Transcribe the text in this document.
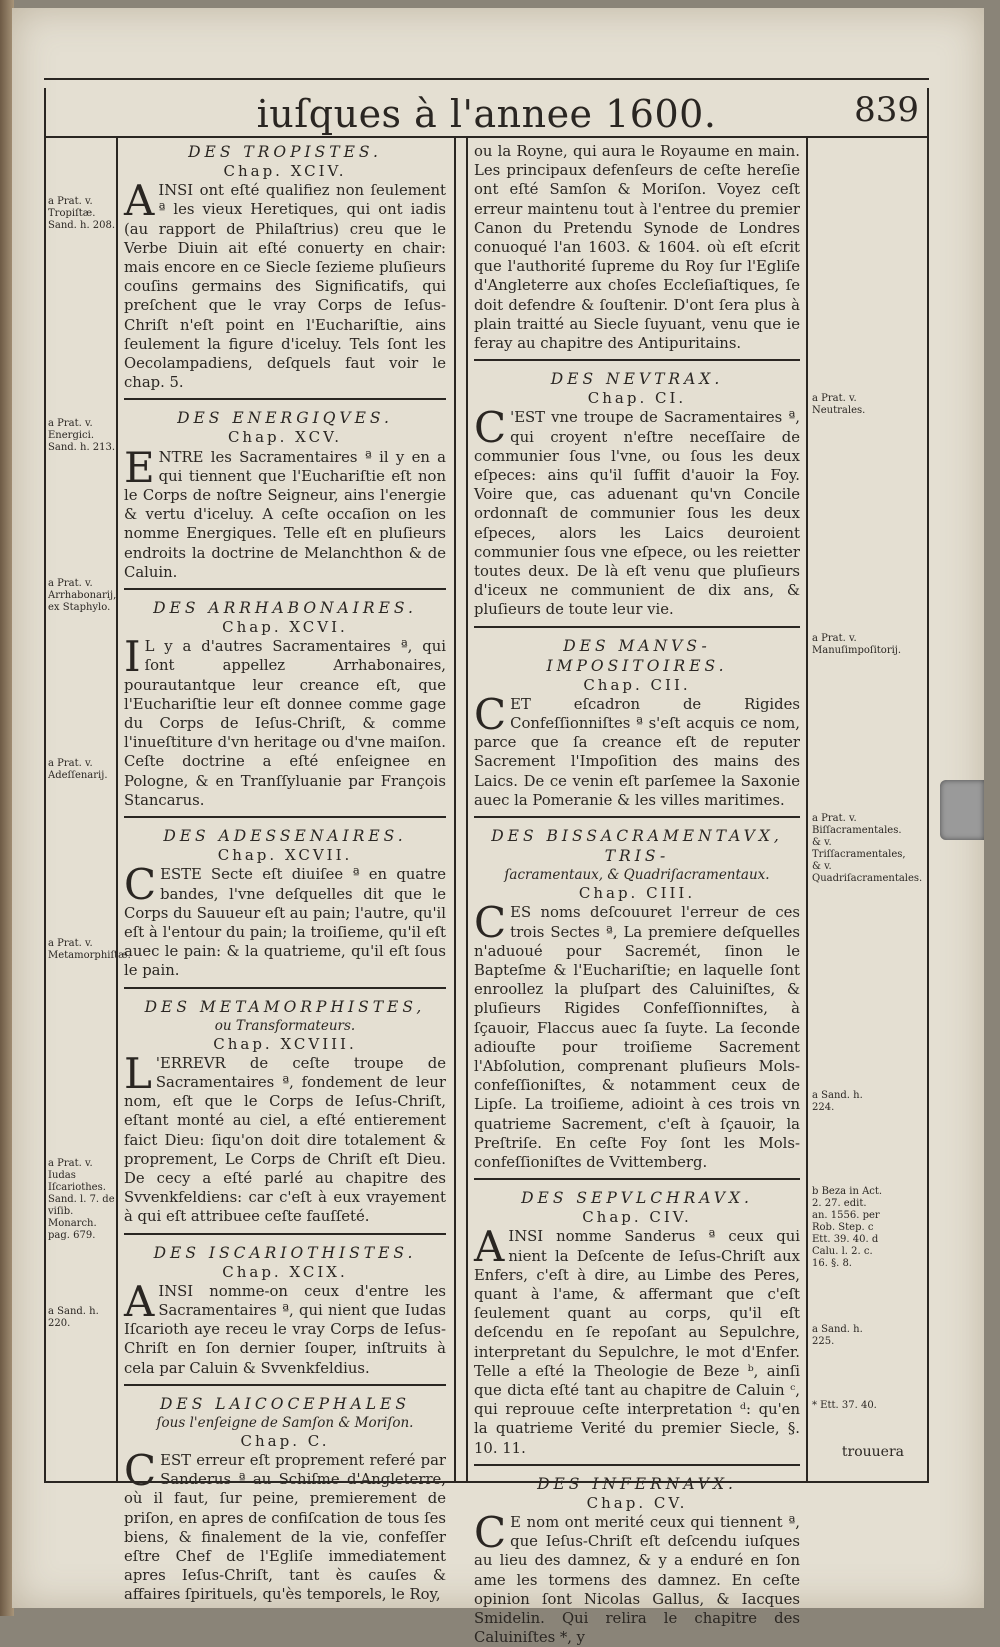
iuſques à l'annee 1600.	839

DES TROPISTES.

Chap. XCIV.

AINSI ont eſté qualifiez non ſeulement ª les vieux Heretiques, qui ont iadis (au rapport de Philaſtrius) creu que le Verbe Diuin ait eſté conuerty en chair: mais encore en ce Siecle ſezieme pluſieurs couſins germains des Significatifs, qui preſchent que le vray Corps de Ieſus-Chriſt n'eſt point en l'Euchariſtie, ains ſeulement la figure d'iceluy. Tels ſont les Oecolampadiens, deſquels faut voir le chap. 5.

DES ENERGIQVES.

Chap. XCV.

ENTRE les Sacramentaires ª il y en a qui tiennent que l'Euchariſtie eſt non le Corps de noſtre Seigneur, ains l'energie & vertu d'iceluy. A ceſte occaſion on les nomme Energiques. Telle eſt en pluſieurs endroits la doctrine de Melanchthon & de Caluin.

DES ARRHABONAIRES.

Chap. XCVI.

I L y a d'autres Sacramentaires ª, qui ſont appellez Arrhabonaires, pourautantque leur creance eſt, que l'Euchariſtie leur eſt donnee comme gage du Corps de Ieſus-Chriſt, & comme l'inueſtiture d'vn heritage ou d'vne maiſon. Ceſte doctrine a eſté enſeignee en Pologne, & en Tranſſyluanie par François Stancarus.

DES ADESSENAIRES.

Chap. XCVII.

CESTE Secte eſt diuiſee ª en quatre bandes, l'vne deſquelles dit que le Corps du Sauueur eſt au pain; l'autre, qu'il eſt à l'entour du pain; la troiſieme, qu'il eſt auec le pain: & la quatrieme, qu'il eſt ſous le pain.

DES METAMORPHISTES,

ou Transformateurs.

Chap. XCVIII.

L 'ERREVR de ceſte troupe de Sacramentaires ª, fondement de leur nom, eſt que le Corps de Ieſus-Chriſt, eſtant monté au ciel, a eſté entierement faict Dieu: ſiqu'on doit dire totalement & proprement, Le Corps de Chriſt eſt Dieu. De cecy a eſté parlé au chapitre des Svvenkfeldiens: car c'eſt à eux vrayement à qui eſt attribuee ceſte fauſſeté.

DES ISCARIOTHISTES.

Chap. XCIX.

AINSI nomme-on ceux d'entre les Sacramentaires ª, qui nient que Iudas Iſcarioth aye receu le vray Corps de Ieſus-Chriſt en ſon dernier ſouper, inſtruits à cela par Caluin & Svvenkfeldius.

DES LAICOCEPHALES

ſous l'enſeigne de Samſon & Moriſon.

Chap. C.

CEST erreur eſt proprement referé par Sanderus ª au Schiſme d'Angleterre, où il faut, ſur peine, premierement de priſon, en apres de confiſcation de tous ſes biens, & finalement de la vie, confeſſer eſtre Chef de l'Egliſe immediatement apres Ieſus-Chriſt, tant ès cauſes & affaires ſpirituels, qu'ès temporels, le Roy,

ou la Royne, qui aura le Royaume en main. Les principaux defenſeurs de ceſte hereſie ont eſté Samſon & Moriſon. Voyez ceſt erreur maintenu tout à l'entree du premier Canon du Pretendu Synode de Londres conuoqué l'an 1603. & 1604. où eſt eſcrit que l'authorité ſupreme du Roy ſur l'Egliſe d'Angleterre aux choſes Eccleſiaſtiques, ſe doit defendre & ſouſtenir. D'ont ſera plus à plain traitté au Siecle ſuyuant, venu que ie feray au chapitre des Antipuritains.

DES NEVTRAX.

Chap. CI.

C 'EST vne troupe de Sacramentaires ª, qui croyent n'eſtre neceſſaire de communier ſous l'vne, ou ſous les deux eſpeces: ains qu'il ſuffit d'auoir la Foy. Voire que, cas aduenant qu'vn Concile ordonnaſt de communier ſous les deux eſpeces, alors les Laics deuroient communier ſous vne eſpece, ou les reietter toutes deux. De là eſt venu que pluſieurs d'iceux ne communient de dix ans, & pluſieurs de toute leur vie.

DES MANVS-IMPOSITOIRES.

Chap. CII.

CET eſcadron de Rigides Confeſſionniſtes ª s'eſt acquis ce nom, parce que ſa creance eſt de reputer Sacrement l'Impoſition des mains des Laics. De ce venin eſt parſemee la Saxonie auec la Pomeranie & les villes maritimes.

DES BISSACRAMENTAVX, TRIS-

ſacramentaux, & Quadriſacramentaux.

Chap. CIII.

CES noms deſcouuret l'erreur de ces trois Sectes ª, La premiere deſquelles n'aduoué pour Sacremét, ſinon le Bapteſme & l'Euchariſtie; en laquelle ſont enroollez la pluſpart des Caluiniſtes, & pluſieurs Rigides Confeſſionniſtes, à ſçauoir, Flaccus auec ſa ſuyte. La ſeconde adiouſte pour troiſieme Sacrement l'Abſolution, comprenant pluſieurs Mols-confeſſioniſtes, & notamment ceux de Lipſe. La troiſieme, adioint à ces trois vn quatrieme Sacrement, c'eſt à ſçauoir, la Preſtriſe. En ceſte Foy ſont les Mols-confeſſioniſtes de Vvittemberg.

DES SEPVLCHRAVX.

Chap. CIV.

AINSI nomme Sanderus ª ceux qui nient la Deſcente de Ieſus-Chriſt aux Enfers, c'eſt à dire, au Limbe des Peres, quant à l'ame, & affermant que c'eſt ſeulement quant au corps, qu'il eſt deſcendu en ſe repoſant au Sepulchre, interpretant du Sepulchre, le mot d'Enfer. Telle a eſté la Theologie de Beze ᵇ, ainſi que dicta eſté tant au chapitre de Caluin ᶜ, qui reprouue ceſte interpretation ᵈ: qu'en la quatrieme Verité du premier Siecle, §. 10. 11.

DES INFERNAVX.

Chap. CV.

C E nom ont merité ceux qui tiennent ª, que Ieſus-Chriſt eſt deſcendu iuſques au lieu des damnez, & y a enduré en ſon ame les tormens des damnez. En ceſte opinion ſont Nicolas Gallus, & Iacques Smidelin. Qui relira le chapitre des Caluiniſtes *, y

a Prat. v. Tropiſtæ. Sand. h. 208.
a Prat. v. Energici. Sand. h. 213.
a Prat. v. Arrhabonarij, ex Staphylo.
a Prat. v. Adeſſenarij.
a Prat. v. Metamorphiſtæ.
a Prat. v. Iudas Iſcariothes. Sand. l. 7. de viſib. Monarch. pag. 679.
a Sand. h. 220.
a Prat. v. Neutrales.
a Prat. v. Manuſimpoſitorij.
a Prat. v. Biſſacramentales. & v. Triſſacramentales, & v. Quadriſacramentales.
a Sand. h. 224.
b Beza in Act. 2. 27. edit. an. 1556. per Rob. Step. c Ett. 39. 40. d Calu. l. 2. c. 16. §. 8.
a Sand. h. 225.
* Ett. 37. 40.
trouuera
